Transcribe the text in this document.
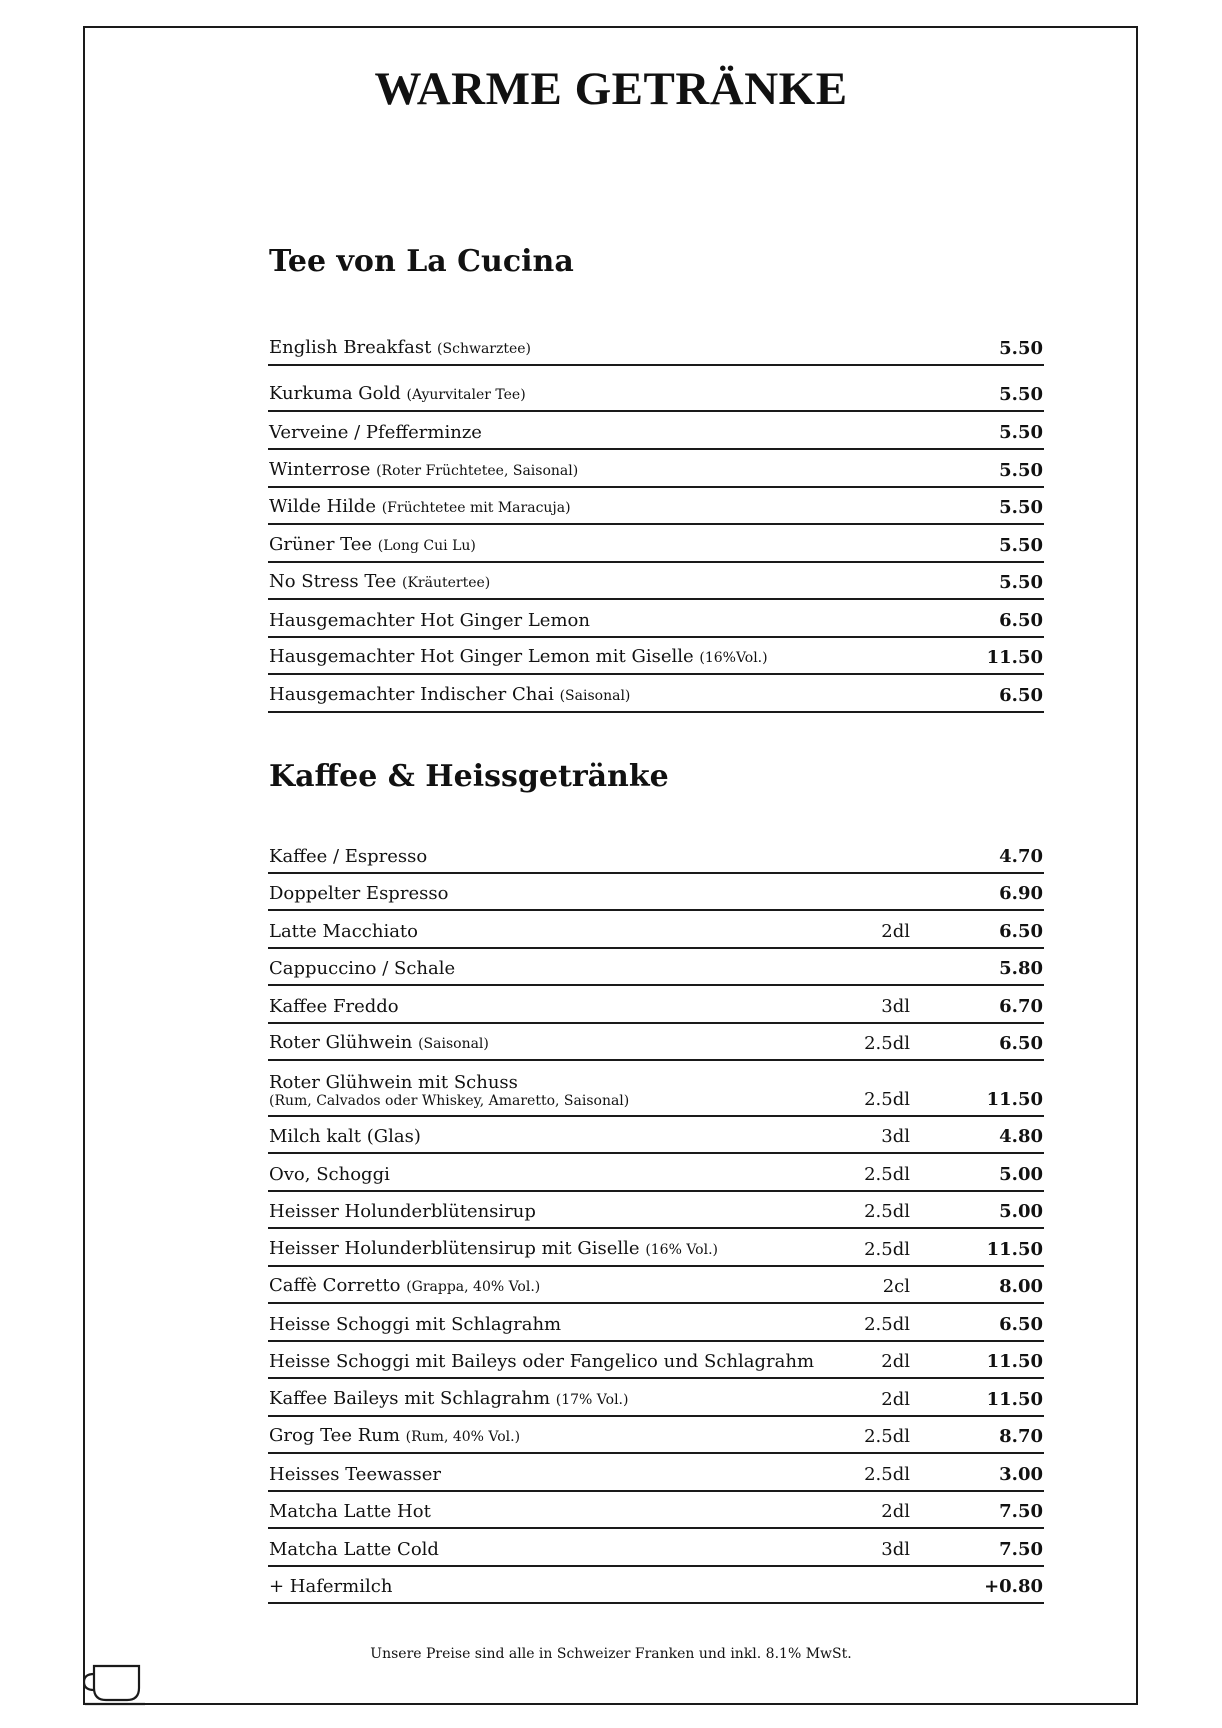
WARME GETRÄNKE
Tee von La Cucina
English Breakfast (Schwarztee)	5.50
Kurkuma Gold (Ayurvitaler Tee)	5.50
Verveine / Pfefferminze	5.50
Winterrose (Roter Früchtetee, Saisonal)	5.50
Wilde Hilde (Früchtetee mit Maracuja)	5.50
Grüner Tee (Long Cui Lu)	5.50
No Stress Tee (Kräutertee)	5.50
Hausgemachter Hot Ginger Lemon	6.50
Hausgemachter Hot Ginger Lemon mit Giselle (16%Vol.)	11.50
Hausgemachter Indischer Chai (Saisonal)	6.50
Kaffee & Heissgetränke
Kaffee / Espresso	4.70
Doppelter Espresso	6.90
Latte Macchiato	2dl	6.50
Cappuccino / Schale	5.80
Kaffee Freddo	3dl	6.70
Roter Glühwein (Saisonal)	2.5dl	6.50
Roter Glühwein mit Schuss
(Rum, Calvados oder Whiskey, Amaretto, Saisonal)	2.5dl	11.50
Milch kalt (Glas)	3dl	4.80
Ovo, Schoggi	2.5dl	5.00
Heisser Holunderblütensirup	2.5dl	5.00
Heisser Holunderblütensirup mit Giselle (16% Vol.)	2.5dl	11.50
Caffè Corretto (Grappa, 40% Vol.)	2cl	8.00
Heisse Schoggi mit Schlagrahm	2.5dl	6.50
Heisse Schoggi mit Baileys oder Fangelico und Schlagrahm	2dl	11.50
Kaffee Baileys mit Schlagrahm (17% Vol.)	2dl	11.50
Grog Tee Rum (Rum, 40% Vol.)	2.5dl	8.70
Heisses Teewasser	2.5dl	3.00
Matcha Latte Hot	2dl	7.50
Matcha Latte Cold	3dl	7.50
+ Hafermilch	+0.80
Unsere Preise sind alle in Schweizer Franken und inkl. 8.1% MwSt.
